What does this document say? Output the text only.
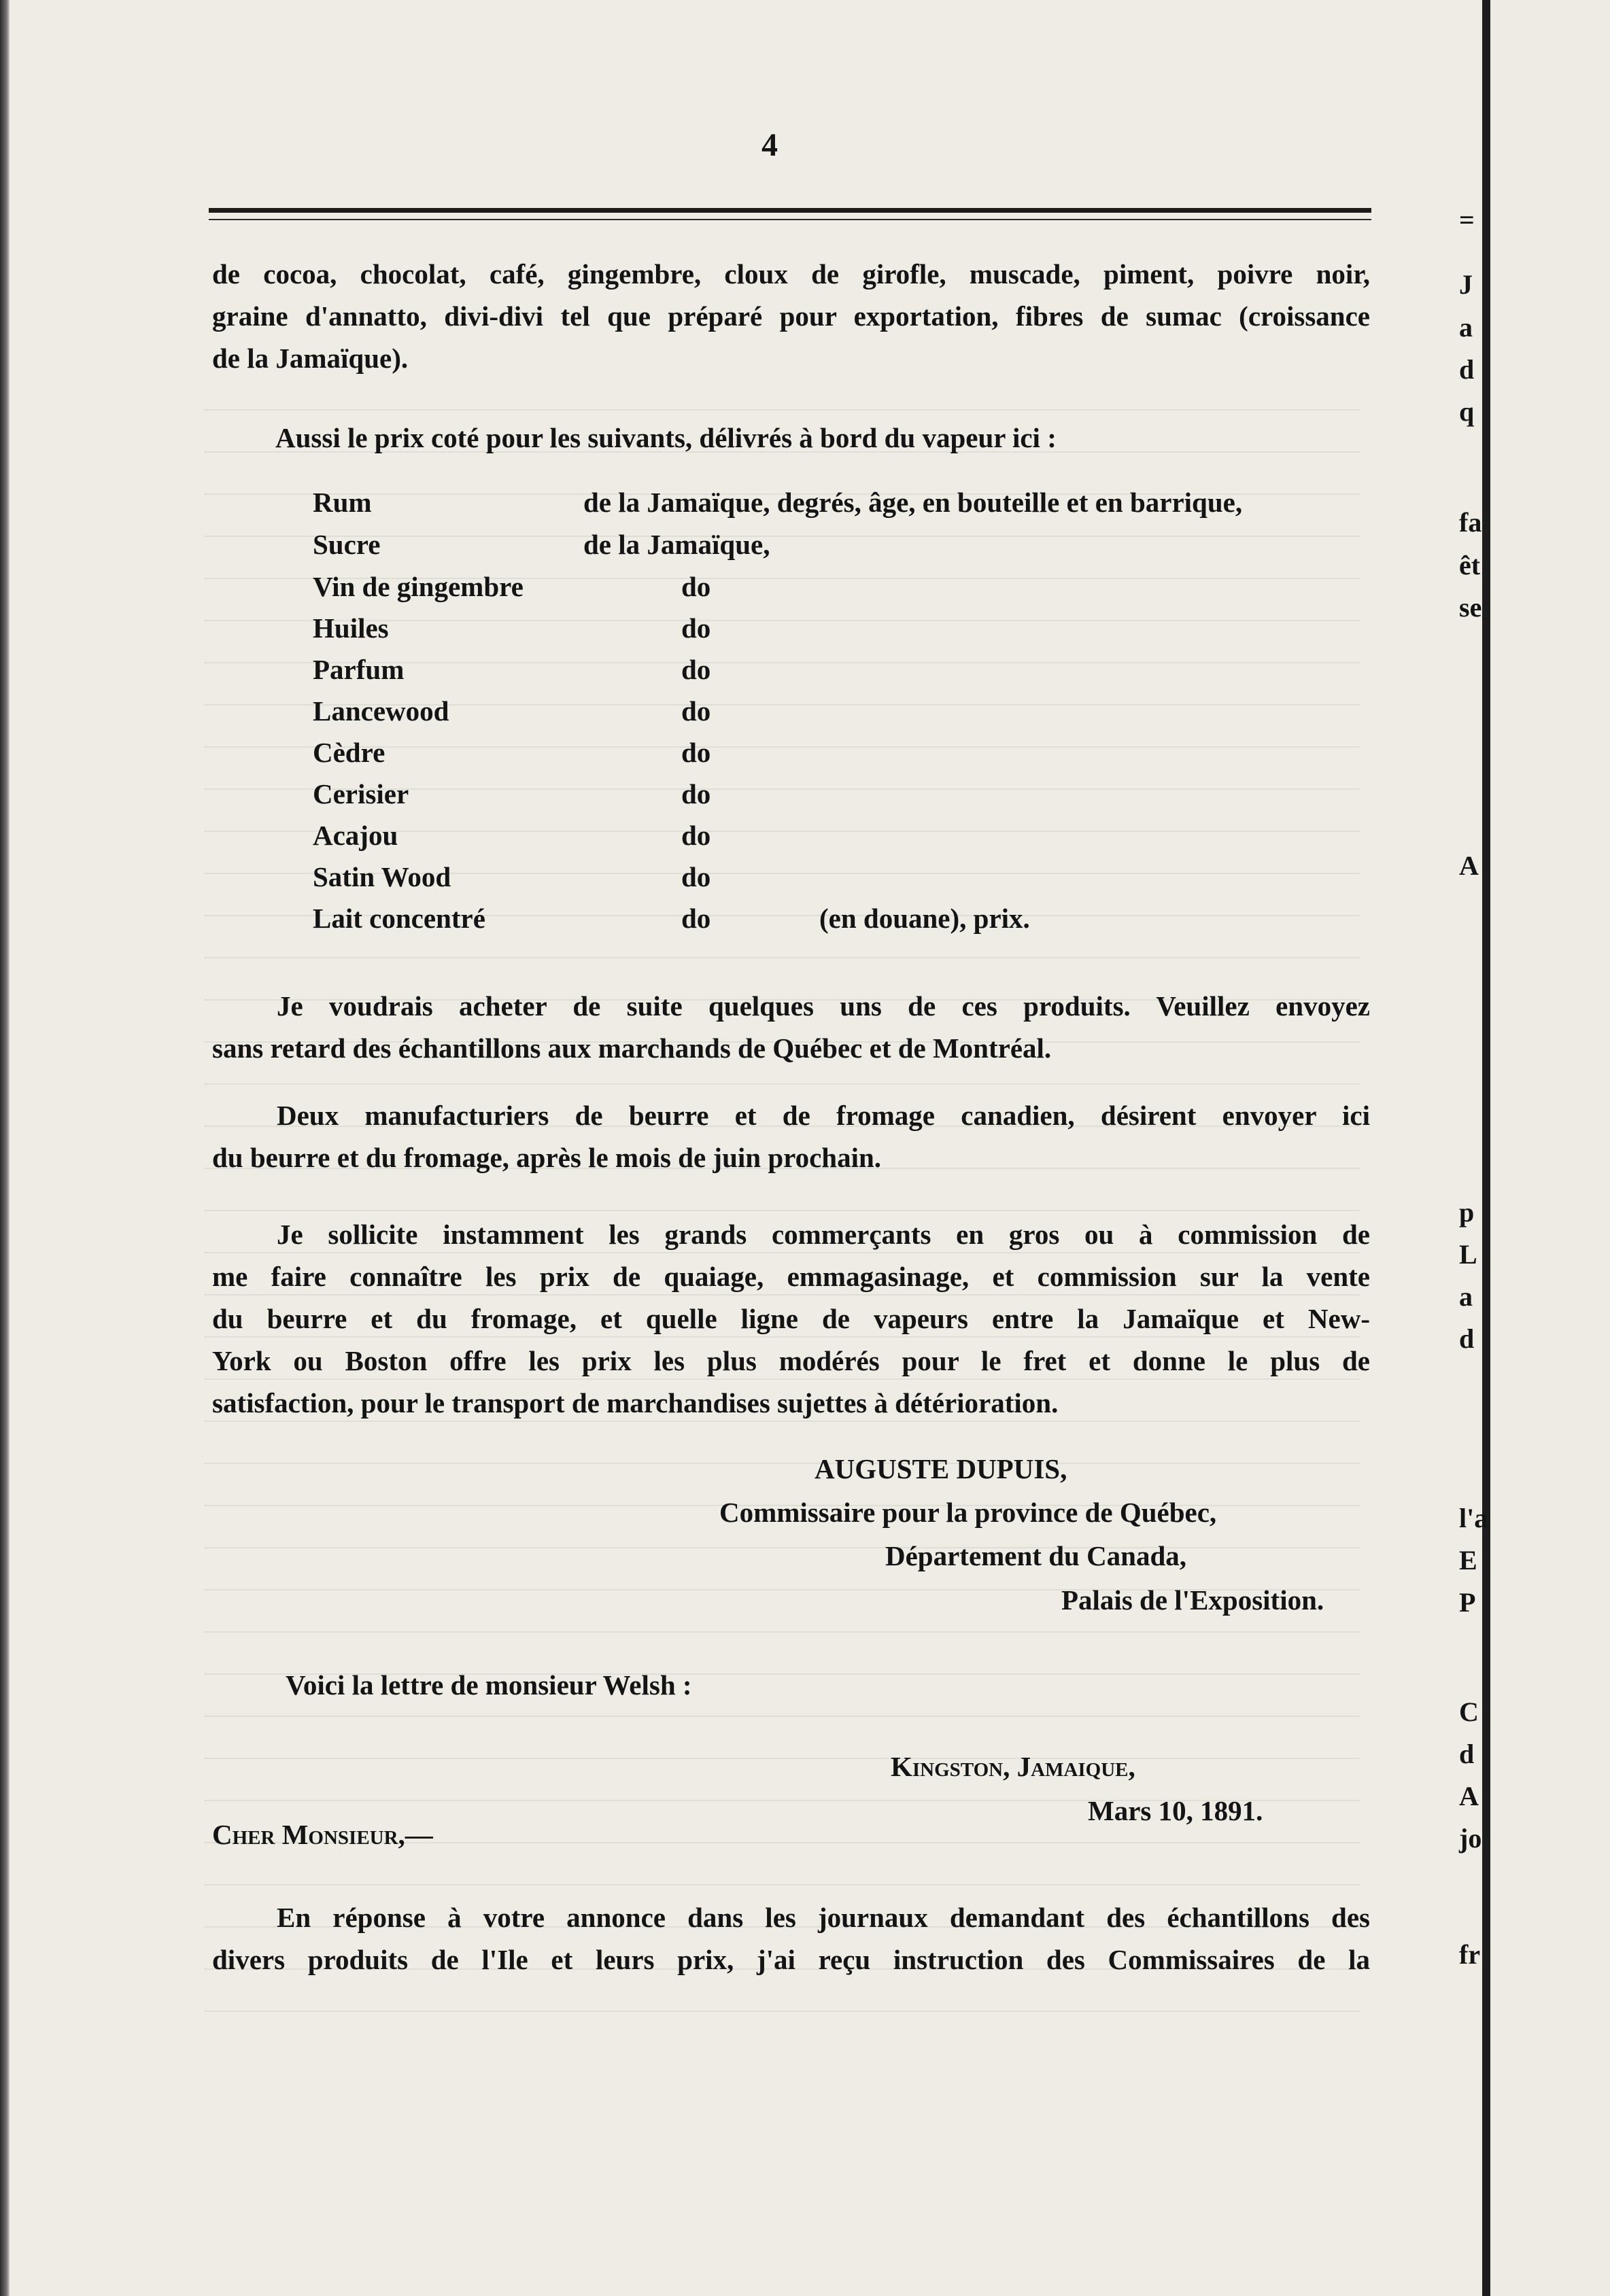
4
de cocoa, chocolat, café, gingembre, cloux de girofle, muscade, piment, poivre noir,
graine d'annatto, divi-divi tel que préparé pour exportation, fibres de sumac (croissance
de la Jamaïque).
Aussi le prix coté pour les suivants, délivrés à bord du vapeur ici :
Rum	de la Jamaïque, degrés, âge, en bouteille et en barrique,
Sucre	de la Jamaïque,
Vin de gingembre	do
Huiles	do
Parfum	do
Lancewood	do
Cèdre	do
Cerisier	do
Acajou	do
Satin Wood	do
Lait concentré	do	(en douane), prix.
Je voudrais acheter de suite quelques uns de ces produits. Veuillez envoyez
sans retard des échantillons aux marchands de Québec et de Montréal.
Deux manufacturiers de beurre et de fromage canadien, désirent envoyer ici
du beurre et du fromage, après le mois de juin prochain.
Je sollicite instamment les grands commerçants en gros ou à commission de
me faire connaître les prix de quaiage, emmagasinage, et commission sur la vente
du beurre et du fromage, et quelle ligne de vapeurs entre la Jamaïque et New-
York ou Boston offre les prix les plus modérés pour le fret et donne le plus de
satisfaction, pour le transport de marchandises sujettes à détérioration.
AUGUSTE DUPUIS,
Commissaire pour la province de Québec,
Département du Canada,
Palais de l'Exposition.
Voici la lettre de monsieur Welsh :
Kingston, Jamaique,
Mars 10, 1891.
Cher Monsieur,—
En réponse à votre annonce dans les journaux demandant des échantillons des
divers produits de l'Ile et leurs prix, j'ai reçu instruction des Commissaires de la
=
J
a
d
q
fa
êt
se
A
p
L
a
d
l'a
E
P
C
d
A
jo
fr
